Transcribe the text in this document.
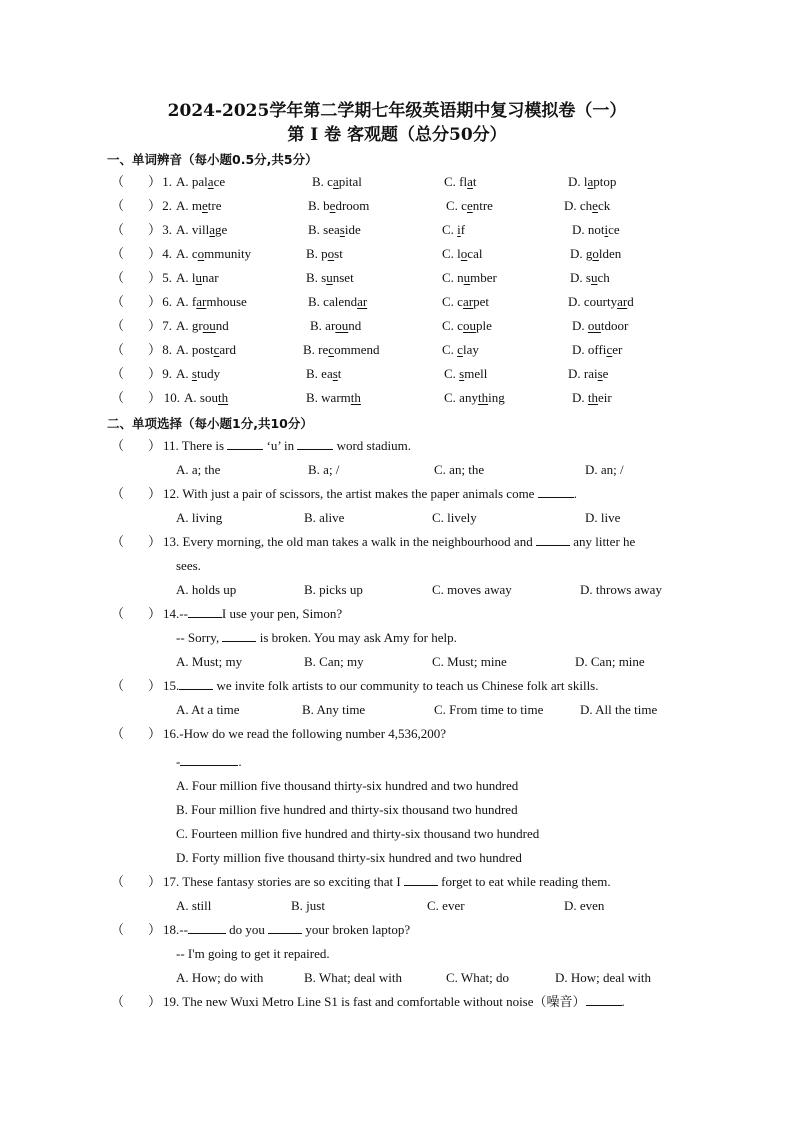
2024-2025学年第二学期七年级英语期中复习模拟卷（一）
第 I 卷 客观题（总分50分）
一、单词辨音（每小题0.5分,共5分）
（ ） 1. A. palace	B. capital	C. flat	D. laptop
（ ） 2. A. metre	B. bedroom	C. centre	D. check
（ ） 3. A. village	B. seaside	C. if	D. notice
（ ） 4. A. community	B. post	C. local	D. golden
（ ） 5. A. lunar	B. sunset	C. number	D. such
（ ） 6. A. farmhouse	B. calendar	C. carpet	D. courtyard
（ ） 7. A. ground	B. around	C. couple	D. outdoor
（ ） 8. A. postcard	B. recommend	C. clay	D. officer
（ ） 9. A. study	B. east	C. smell	D. raise
（ ） 10. A. south	B. warmth	C. anything	D. their
二、单项选择（每小题1分,共10分）
（ ） 11. There is	‘u’ in	word stadium.
A. a; the	B. a; /	C. an; the	D. an; /
（ ） 12. With just a pair of scissors, the artist makes the paper animals come	.
A. living	B. alive	C. lively	D. live
（ ） 13. Every morning, the old man takes a walk in the neighbourhood and	any litter he
sees.
A. holds up	B. picks up	C. moves away	D. throws away
（ ） 14.--	I use your pen, Simon?
-- Sorry,	is broken. You may ask Amy for help.
A. Must; my	B. Can; my	C. Must; mine	D. Can; mine
（ ） 15.	we invite folk artists to our community to teach us Chinese folk art skills.
A. At a time	B. Any time	C. From time to time	D. All the time
（ ） 16.-How do we read the following number 4,536,200?
-	.
A. Four million five thousand thirty-six hundred and two hundred
B. Four million five hundred and thirty-six thousand two hundred
C. Fourteen million five hundred and thirty-six thousand two hundred
D. Forty million five thousand thirty-six hundred and two hundred
（ ） 17. These fantasy stories are so exciting that I	forget to eat while reading them.
A. still	B. just	C. ever	D. even
（ ） 18.--	do you	your broken laptop?
-- I'm going to get it repaired.
A. How; do with	B. What; deal with	C. What; do	D. How; deal with
（ ） 19. The new Wuxi Metro Line S1 is fast and comfortable without noise（噪音）	.
